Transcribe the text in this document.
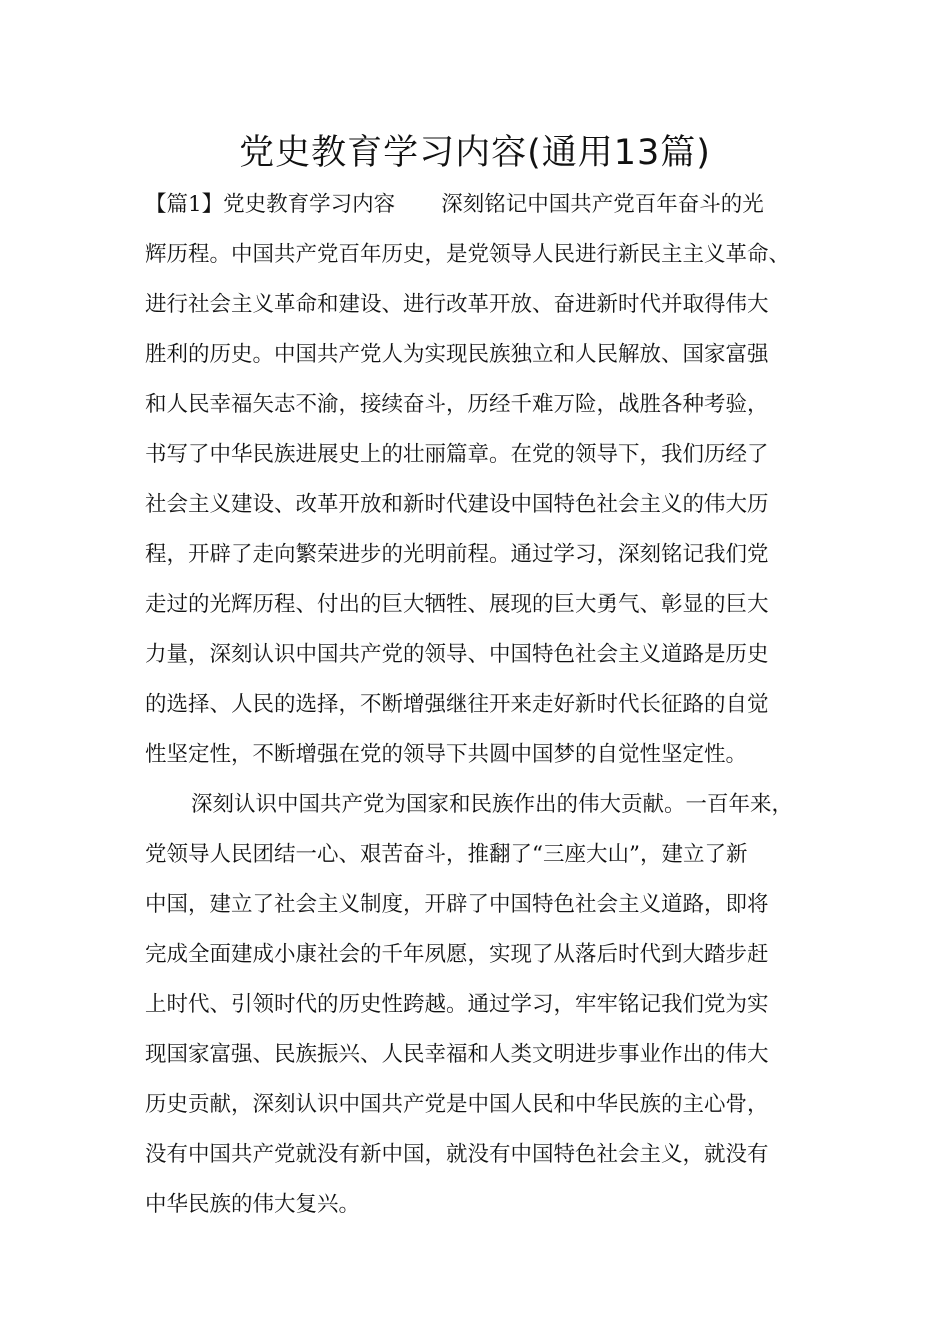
党史教育学习内容(通用13篇)
【篇1】党史教育学习内容 深刻铭记中国共产党百年奋斗的光
辉历程。中国共产党百年历史，是党领导人民进行新民主主义革命、
进行社会主义革命和建设、进行改革开放、奋进新时代并取得伟大
胜利的历史。中国共产党人为实现民族独立和人民解放、国家富强
和人民幸福矢志不渝，接续奋斗，历经千难万险，战胜各种考验，
书写了中华民族进展史上的壮丽篇章。在党的领导下，我们历经了
社会主义建设、改革开放和新时代建设中国特色社会主义的伟大历
程，开辟了走向繁荣进步的光明前程。通过学习，深刻铭记我们党
走过的光辉历程、付出的巨大牺牲、展现的巨大勇气、彰显的巨大
力量，深刻认识中国共产党的领导、中国特色社会主义道路是历史
的选择、人民的选择，不断增强继往开来走好新时代长征路的自觉
性坚定性，不断增强在党的领导下共圆中国梦的自觉性坚定性。
深刻认识中国共产党为国家和民族作出的伟大贡献。一百年来，
党领导人民团结一心、艰苦奋斗，推翻了“三座大山”，建立了新
中国，建立了社会主义制度，开辟了中国特色社会主义道路，即将
完成全面建成小康社会的千年夙愿，实现了从落后时代到大踏步赶
上时代、引领时代的历史性跨越。通过学习，牢牢铭记我们党为实
现国家富强、民族振兴、人民幸福和人类文明进步事业作出的伟大
历史贡献，深刻认识中国共产党是中国人民和中华民族的主心骨，
没有中国共产党就没有新中国，就没有中国特色社会主义，就没有
中华民族的伟大复兴。
